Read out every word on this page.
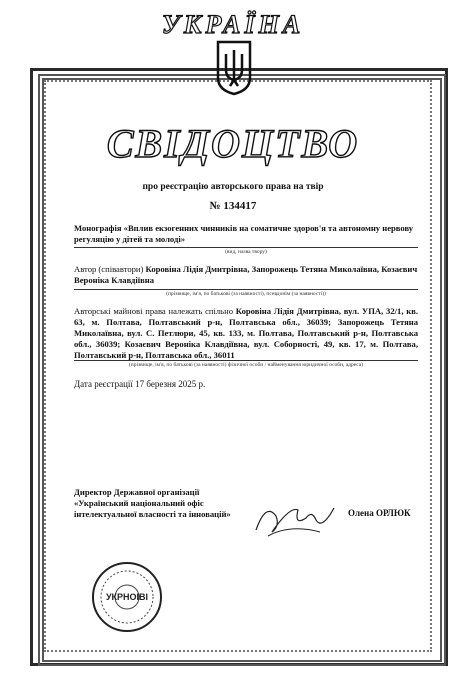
УКРАЇНА
СВІДОЦТВО
про реєстрацію авторського права на твір
№ 134417
Монографія «Вплив екзогенних чинників на соматичне здоров'я та автономну нервову регуляцію у дітей та молоді»
(вид, назва твору)
Автор (співавтори) Коровіна Лідія Дмитрівна, Запорожець Тетяна Миколаївна, Козаєвич Вероніка Клавдіївна
(прізвище, ім'я, по батькові (за наявності), псевдонім (за наявності))
Авторські майнові права належать спільно Коровіна Лідія Дмитрівна, вул. УПА, 32/1, кв. 63, м. Полтава, Полтавський р-н, Полтавська обл., 36039; Запорожець Тетяна Миколаївна, вул. С. Петлюри, 45, кв. 133, м. Полтава, Полтавський р-н, Полтавська обл., 36039; Козаєвич Вероніка Клавдіївна, вул. Соборності, 49, кв. 17, м. Полтава, Полтавський р-н, Полтавська обл., 36011
(прізвище, ім'я, по батькові (за наявності) фізичної особи / найменування юридичної особи, адреса)
Дата реєстрації 17 березня 2025 р.
Директор Державної організації «Український національний офіс інтелектуальної власності та інновацій»	Олена ОРЛЮК
УКРНОІВІ
